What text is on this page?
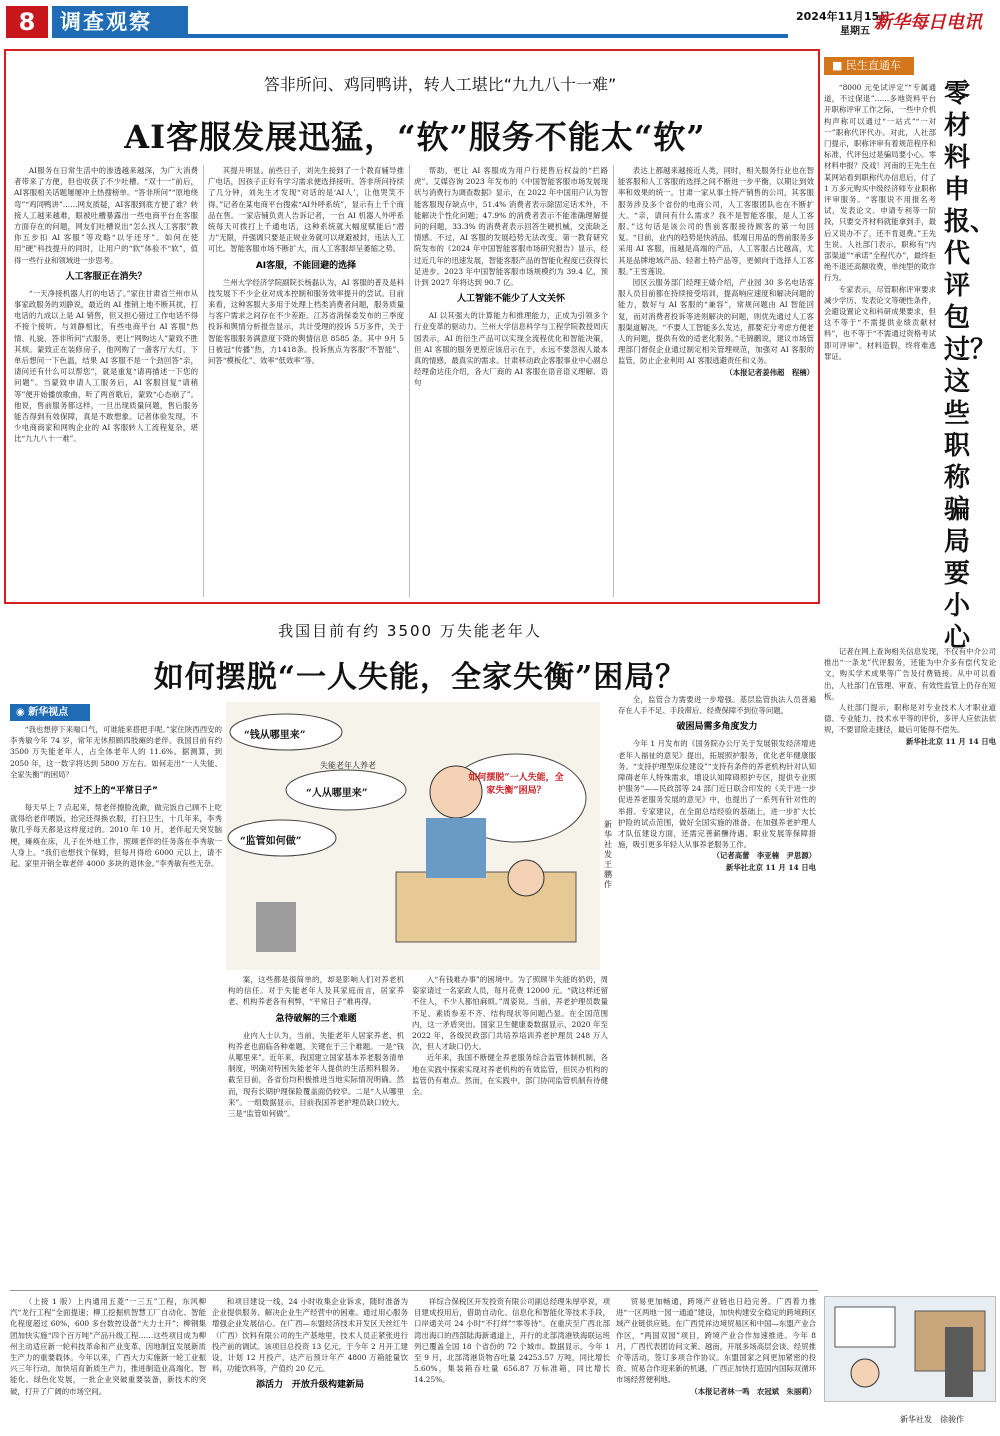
8	调查观察	2024年11月15日
星期五 新华每日电讯
答非所问、鸡同鸭讲，转人工堪比“九九八十一难”
AI客服发展迅猛，“软”服务不能太“软”

AI服务在日常生活中的渗透越来越深，为广大消费者带来了方便，但也收获了不少吐槽。“双十一”前后，AI客服相关话题屡屡冲上热搜榜单。“答非所问”“原地绕弯”“鸡同鸭讲”……网友质疑，AI客服到底方便了谁？转接人工越来越难，眼被吐槽暴露出一些电商平台在客服方面存在的问题，网友们吐槽说出“怎么找人工客服”教你五步扣 AI 客服”等攻略“以牙还牙”。如何在使用“硬”科技提升的同时，让用户的“软”体验不“软”，值得一些行业和领域进一步思考。

人工客服正在消失？

“一天净接机器人打的电话了。”家住甘肃省兰州市从事家政服务的刘静说，最近的 AI 推销上地不断其扰，打电话的九成以上是 AI 销售，但又担心错过工作电话不得不接个接听。与刘静相比，有些电商平台 AI 客服“热情、礼貌、答非所问”式服务，更让“网购达人”蒙致不胜其烦。蒙致正在装修房子，他网购了一盏客厅大灯，下单后想问一下色温，结果 AI 客服不是一个劲回答“亲，请问还有什么可以帮您”，就是重复“请再描述一下您的问题”。当蒙致申请人工服务后，AI 客服回复“请稍等”便开始播放歌曲，听了两首歌后，蒙致“心态崩了”。他说，售前服务都这样，一旦出现质量问题，售后服务能否得到有效保障，真是不敢想象。记者体验发现，不少电商商家和网购企业的 AI 客服转人工流程复杂，堪比“九九八十一难”。

其提升明显。前些日子，刘先生接到了一个教育辅导推广电话，因孩子正好有学习需求便选择接听。答非所问持续了几分钟，刘先生才发现“对话的是‘AI人’，让他哭笑不得。”记者在某电商平台搜索“AI外呼系统”，显示有上千个商品在售。一家店铺负责人告诉记者，一台 AI 机器人外呼系统每天可拨打上千通电话，这种系统就大幅度赋能后“潜力”无限，并强调只要是正规业务就可以规避被封，违法人工可比。智能客服市场不断扩大，而人工客服却呈萎缩之势。

AI客服，不能回避的选择

兰州大学经济学院副院长杨磊认为，AI 客服的普及是科技发展下不少企业对成本控制和服务效率提升的尝试。目前来看，这种客服大多用于处理上档类消费者问题，服务质量与客户需求之间存在不少差距。江苏省消保委发布的三季度投诉和舆情分析报告显示，共计受理的投诉 5万多件，关于智能客服服务满意度下降的舆情信息 8585 条。其中 9月 5日被冠“传播”热，力1418条。投诉焦点为客服“不智能”、问答“模板化”、效率“低效率”等。

帮助，更让 AI 客服成为用户行使售后权益的“拦路虎”。艾媒咨询 2023 年发布的《中国智能客服市场发展现状与消费行为调查数据》显示，在 2022 年中国用户认为智能客服现存缺点中，51.4% 消费者表示除固定话术外，不能解决个性化问题；47.9% 的消费者表示不能准确理解提问的问题，33.3% 的消费者表示回答生硬机械，交流缺乏情感。不过，AI 客服的发展趋势无法改变。第一教育研究院发布的《2024 年中国智能客服市场研究报告》显示，经过近几年的迅速发展，智能客服产品的智能化程度已获得长足进步。2023 年中国智能客服市场规模约为 39.4 亿，预计到 2027 年将达到 90.7 亿。

人工智能不能少了人文关怀

AI 以其强大的计算能力和推理能力，正成为引领多个行业变革的驱动力。兰州大学信息科学与工程学院教授周庆国表示，AI 的衍生产品可以实现全流程优化和智能决策，但 AI 客服的服务更原应该启示在于，永远不要忽视人最本真的情感，最真实的需求。甘肃移动政企客服事业中心副总经理俞达佳介绍，各大厂商的 AI 客服在语音语义理解、语句

表达上都越来越接近人类，同时，相关服务行业也在智能客服和人工客服的选择之间不断进一步平衡，以期让到效率和效果的统一。甘肃一家从事土特产销售的公司，其客服服务涉及多个省份的电商公司，人工客服团队也在不断扩大。“亲，请问有什么需求？我不是智能客服，是人工客服。”这句话是该公司的售前客服接待顾客的第一句回复。“目前，业内的趋势是快消品、低端日用品的售前服务多采用 AI 客服，而越是高端的产品，人工客服占比越高，尤其是品牌地域产品、轻奢土特产品等，更倾向于选择人工客服。”王雪莲说。

园区云服务部门经理王婧介绍，产业园 30 多名电话客服人员目前都在持续接受培训，提高响应速度和解决问题的能力，数好与 AI 客服的“兼容”，常规问题由 AI 智能回复，而对消费者投诉等进则解决的问题，则优先通过人工客服渠道解决。“不要人工智能多么发达，都要充分考虑方便老人的问题，提供有效的适老化服务。”毛锦鹏说，建议市场管理部门督促企业通过制定相关管理规范，加强对 AI 客服的监管，防止企业利用 AI 客服逃避责任和义务。

（本报记者姜伟超　程楠）

■ 民生直通车
零材料申报、代评包过？这些职称骗局要小心

“8000 元免试评定”“专属通道，不过保退”……多地资料平台开职称评审工作之际，一些中介机构声称可以通过“一站式”“一对一”职称代评代办。对此，人社部门提示，职称评审有着规范程序和标准，代评包过是骗局要小心。零材料申报？没戏！河南的王先生在某网站看到职称代办信息后，付了 1 万多元购买中级经济师专业职称评审服务。“客服说不用报名考试，发表论文、申请专利等一阶段，只要交齐材料就能拿到手，最后又说办不了，还不肯退费。”王先生说。人社部门表示，职称有“内部渠道”“承诺”全程代办”，最终拒绝不退还高额收费，单纯型的欺诈行为。

专家表示，尽管职称评审要求减少学历、发表论文等硬性条件，会避设置论文和科研成果要求，但这不等于“不需提供业绩贡献材料”，也不等于“不需通过资格考试即可评审”。材料造假，终将难逃罪证。

记者在网上查询相关信息发现，不仅有中介公司推出“一条龙”代评服务，还能为中介多有偿代发论文，购买学术成果等广告及付费链接。从中可以看出，人社部门在管理、审查、有效性监管上仍存在短板。

人社部门提示，职称是对专业技术人才职业道德、专业能力、技术水平等的评价，多评人应依法依规，不要冒险走捷径，最后可能得不偿失。

新华社北京 11 月 14 日电

新华社发　徐骏作
我国目前有约 3500 万失能老年人
如何摆脱“一人失能，全家失衡”困局？
◉ 新华视点
“钱从哪里来”
“人从哪里来”
“监管如何做”
如何摆脱“一人失能，全家失衡”困局？
失能老年人养老
新华社发　王鹏作

“我也想停下来喘口气，可谁能来搭把手呢。”家住陕西西安的李秀敏今年 74 岁，常年无休照顾四肢瘫的老伴。我国目前有约 3500 万失能老年人，占全体老年人的 11.6%。据测算，到 2050 年，这一数字将达到 5800 万左右。如何走出“一人失能、全家失衡”的困局？

过不上的“平常日子”

每天早上 7 点起来，帮老伴擦脸洗漱，做完饭自己顾不上吃就得给老伴喂饭，抬完还得换衣服，打扫卫生，十几年来，李秀敏几乎每天都是这样度过的。2010 年 10 月，老伴起天突发脑梗，瘫痪在床，儿子在外地工作，照顾老伴的任务落在李秀敏一人身上。“我们也想找个保姆，但每月得给 6000 元以上，请不起。家里开销全靠老伴 4000 多块的退休金。”李秀敏有些无奈。

案，这些都是很简单的，却是影响人们对养老机构的信任。对于失能老年人及其家庭而言，居家养老、机构养老各有利弊，“平常日子”难再得。

急待破解的三个难题

业内人士认为，当前，失能老年人居家养老、机构养老也面临各种难题，关键在于三个难题。一是“钱从哪里来”。近年来，我国建立国家基本养老服务清单制度，明确对特困失能老年人提供的生活照料服务。截至目前，各省份均积极推进当地实际情况明确。然而，现有长期护理保险覆盖面仍较窄。二是“人从哪里来”。一组数据显示，目前我国养老护理员缺口较大。三是“监管如何做”。

入“有钱难办事”的困境中。为了照顾半失能的奶奶，周姿家请过一名家政人员，每月花费 12000 元。“就这样还留不住人，不少人都怕麻烦。”周姿说。当前，养老护理员数量不足、素质参差不齐、结构现状等问题凸显。在全国范围内，这一矛盾突出。国家卫生健康委数据显示，2020 年至 2022 年，各级民政部门共培养培训养老护理员 248 万人次，但人才缺口仍大。

近年来，我国不断健全养老服务综合监管体制机制，各地在实践中探索实现对养老机构的有效监管，但民办机构的监管仍有难点。然而，在实践中，部门协同监管机制有待健全。

全，监管合力需要进一步增强。基层监管执法人员普遍存在人手不足、手段滞后、经费保障不到位等问题。

破困局需多角度发力

今年 1 月发布的《国务院办公厅关于发展银发经济增进老年人福祉的意见》提出，拓展照护服务，优化老年健康服务。“支持护理型床位建设”“支持有条件的养老机构针对认知障碍老年人特殊需求，增设认知障碍照护专区，提供专业照护服务”——民政部等 24 部门近日联合印发的《关于进一步促进养老服务发展的意见》中，也提出了一系列有针对性的举措。专家建议，在全面总结经验的基础上，进一步扩大长护险的试点范围，做好全国实施的准备。在加强养老护理人才队伍建设方面，还需完善薪酬待遇、职业发展等保障措施，吸引更多年轻人从事养老服务工作。

（记者高蕾　李亚楠　尹思源）

新华社北京 11 月 14 日电

（上接 1 版）上内通用五菱“一三五”工程，东风柳汽“龙行工程”全面提速；柳工挖掘机智慧工厂自动化、智能化程度超过 60%，600 多台数控设备“大力士开”；柳钢集团加快实施“四个百万吨”产品升级工程……这些项目成为柳州主动适应新一轮科技革命和产业变革、因地制宜发展新质生产力的重要载体。今年以来，广西大力实施新一轮工业振兴三年行动，加快培育新质生产力，推进制造业高端化、智能化、绿色化发展，一批企业突破重要装备，新技术的突破，打开了广阔的市场空间。

和项目建设一线，24 小时收集企业诉求，随时准备为企业提供服务、解决企业生产经营中的困难。通过用心服务增强企业发展信心。在广西—东盟经济技术开发区天丝红牛（广西）饮料有限公司的生产基地里，技术人员正紧张进行投产前的调试。该项目总投资 13 亿元，于今年 2 月开工建设，计划 12 月投产，达产后预计年产 4800 万箱能量饮料，功能饮料等，产值约 20 亿元。

添活力　开放升级构建新局

祥综合保税区开发投资有限公司副总经理朱厚亭说，项目建成投用后，借助自动化、信息化和智能化等技术手段，口岸通关可 24 小时“不打烊”“零等待”。在重庆至广西北部湾出海口的西部陆海新通道上，开行的北部湾港铁海联运班列已覆盖全国 18 个省份的 72 个城市。数据显示，今年 1 至 9 月，北部湾港货物吞吐量 24253.57 万吨，同比增长 5.60%，集装箱吞吐量 656.87 万标准箱，同比增长 14.25%。

贸易更加畅通，跨境产业链也日趋完善。广西着力推进“一区两地一园一通道”建设，加快构建安全稳定的跨境跨区域产业链供应链。在广西凭祥边境贸易区和中国—东盟产业合作区，“两国双园”项目，跨境产业合作加速推进。今年 8 月，广西代表团访问文莱、越南，开展多场高层会谈、经贸推介等活动，签订多项合作协议。东盟国家之间更加紧密的投资、贸易合作迎来新的机遇，广西正加快打造国内国际双循环市场经营便利地。

（本报记者林一鸣　农冠斌　朱丽莉）
